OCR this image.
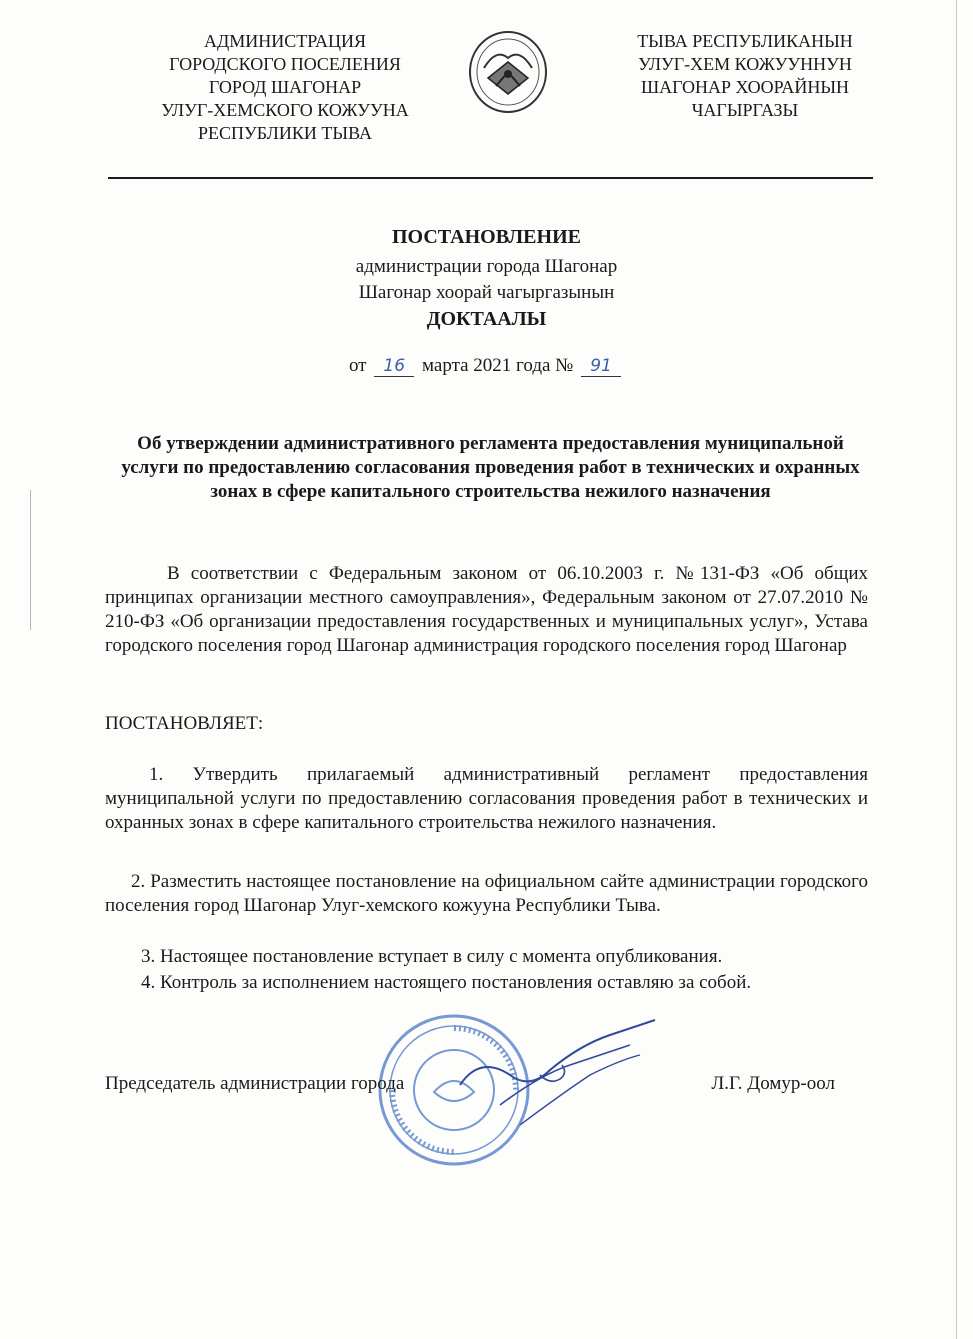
АДМИНИСТРАЦИЯ
ГОРОДСКОГО ПОСЕЛЕНИЯ
ГОРОД ШАГОНАР
УЛУГ-ХЕМСКОГО КОЖУУНА
РЕСПУБЛИКИ ТЫВА
ТЫВА РЕСПУБЛИКАНЫН
УЛУГ-ХЕМ КОЖУУННУН
ШАГОНАР ХООРАЙНЫН
ЧАГЫРГАЗЫ
ПОСТАНОВЛЕНИЕ
администрации города Шагонар
Шагонар хоорай чагыргазынын
ДОКТААЛЫ
от 16 марта 2021 года № 91
Об утверждении административного регламента предоставления муниципальной услуги по предоставлению согласования проведения работ в технических и охранных зонах в сфере капитального строительства нежилого назначения
В соответствии с Федеральным законом от 06.10.2003 г. №131-ФЗ «Об общих принципах организации местного самоуправления», Федеральным законом от 27.07.2010 № 210-ФЗ «Об организации предоставления государственных и муниципальных услуг», Устава городского поселения город Шагонар администрация городского поселения город Шагонар
ПОСТАНОВЛЯЕТ:
1. Утвердить прилагаемый административный регламент предоставления муниципальной услуги по предоставлению согласования проведения работ в технических и охранных зонах в сфере капитального строительства нежилого назначения.
2. Разместить настоящее постановление на официальном сайте администрации городского поселения город Шагонар Улуг-хемского кожууна Республики Тыва.
3. Настоящее постановление вступает в силу с момента опубликования.
4. Контроль за исполнением настоящего постановления оставляю за собой.
Председатель администрации города	Л.Г. Домур-оол
